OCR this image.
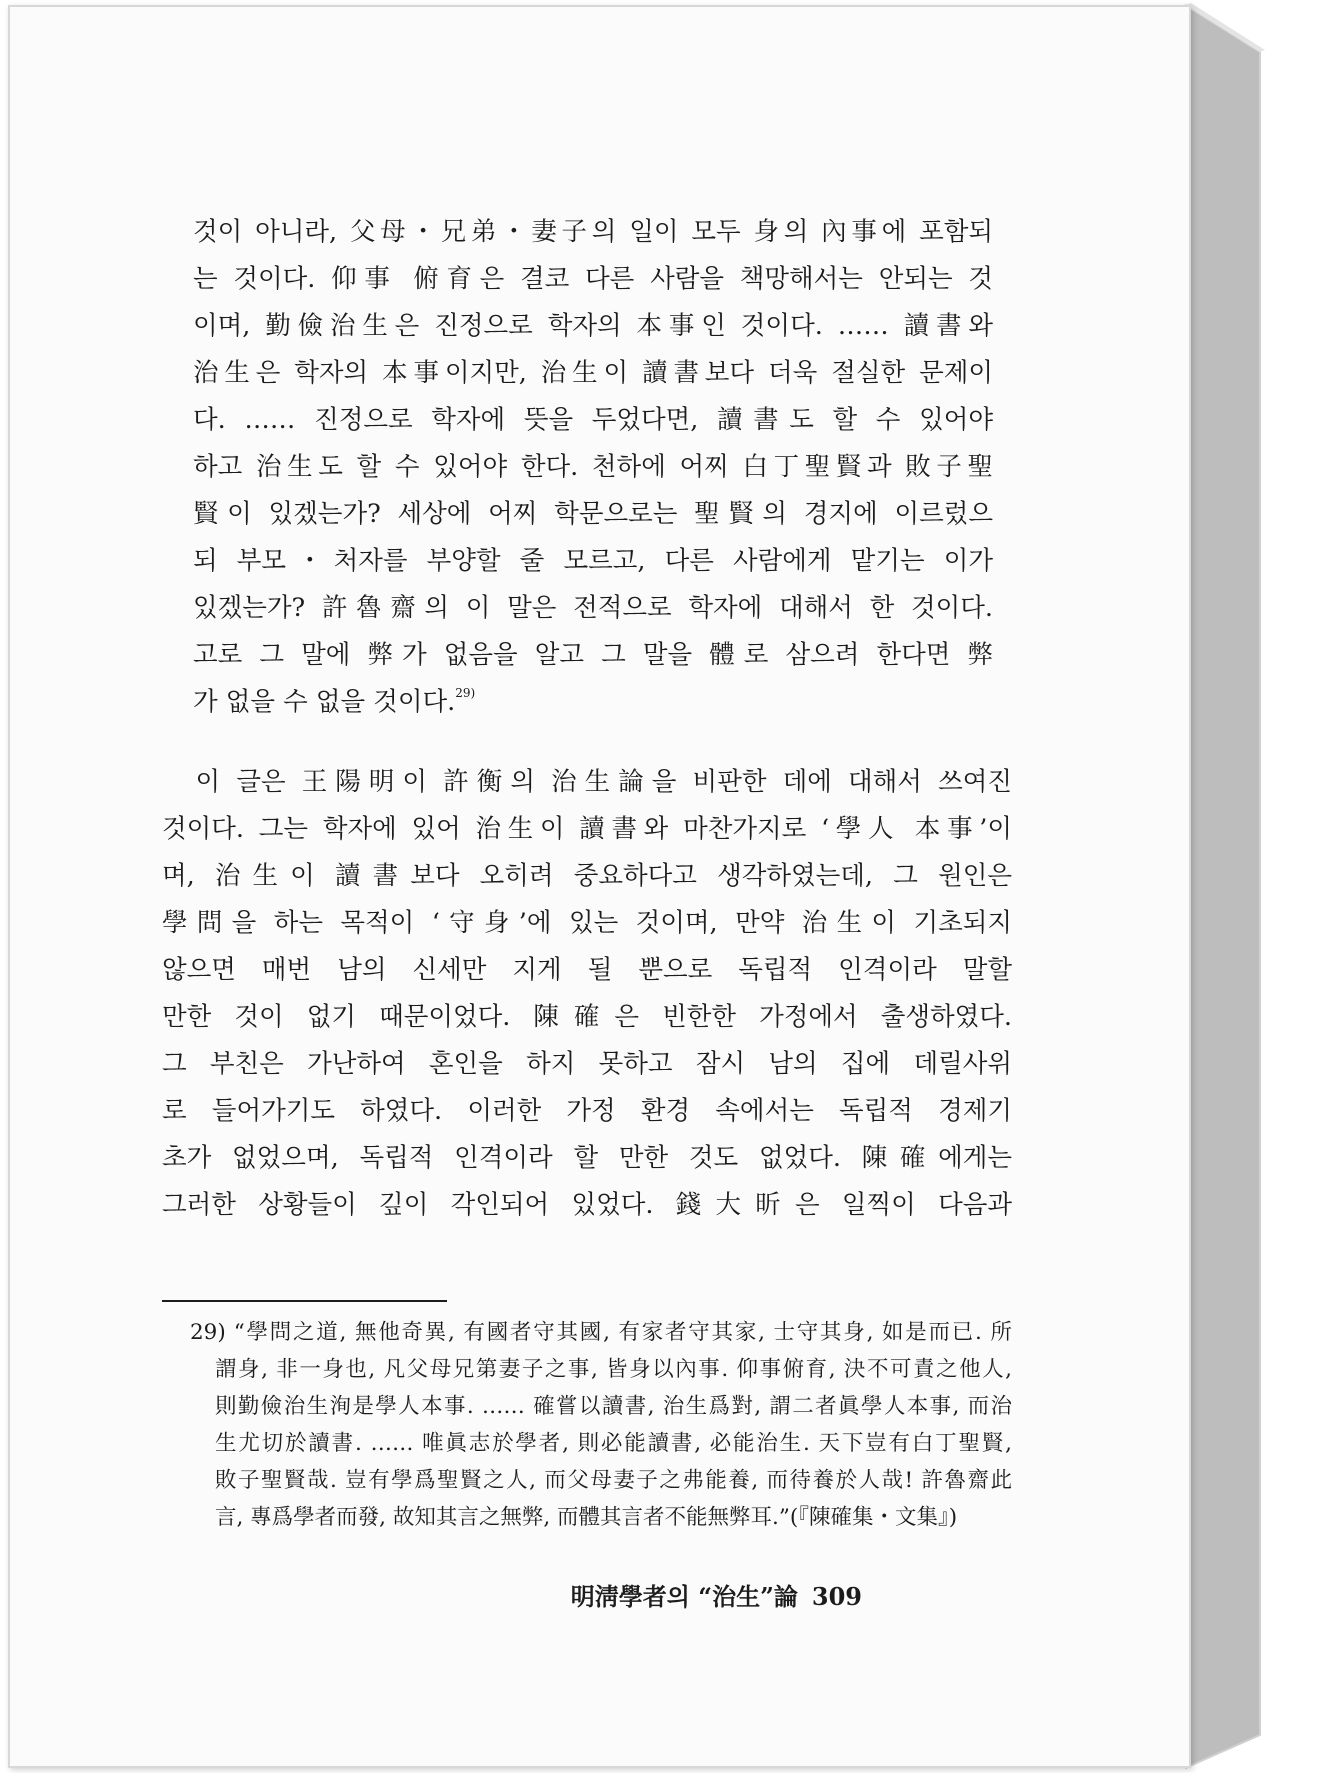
것이 아니라, 父母・兄弟・妻子의 일이 모두 身의 內事에 포함되
는 것이다. 仰事 俯育은 결코 다른 사람을 책망해서는 안되는 것
이며, 勤儉治生은 진정으로 학자의 本事인 것이다. …… 讀書와
治生은 학자의 本事이지만, 治生이 讀書보다 더욱 절실한 문제이
다. …… 진정으로 학자에 뜻을 두었다면, 讀書도 할 수 있어야
하고 治生도 할 수 있어야 한다. 천하에 어찌 白丁聖賢과 敗子聖
賢이 있겠는가? 세상에 어찌 학문으로는 聖賢의 경지에 이르렀으
되 부모・처자를 부양할 줄 모르고, 다른 사람에게 맡기는 이가
있겠는가? 許魯齋의 이 말은 전적으로 학자에 대해서 한 것이다.
고로 그 말에 弊가 없음을 알고 그 말을 體로 삼으려 한다면 弊
가 없을 수 없을 것이다.$^{29)}$
　이 글은 王陽明이 許衡의 治生論을 비판한 데에 대해서 쓰여진
것이다. 그는 학자에 있어 治生이 讀書와 마찬가지로 ‘學人 本事’이
며, 治生이 讀書보다 오히려 중요하다고 생각하였는데, 그 원인은
學問을 하는 목적이 ‘守身’에 있는 것이며, 만약 治生이 기초되지
않으면 매번 남의 신세만 지게 될 뿐으로 독립적 인격이라 말할
만한 것이 없기 때문이었다. 陳確은 빈한한 가정에서 출생하였다.
그 부친은 가난하여 혼인을 하지 못하고 잠시 남의 집에 데릴사위
로 들어가기도 하였다. 이러한 가정 환경 속에서는 독립적 경제기
초가 없었으며, 독립적 인격이라 할 만한 것도 없었다. 陳確에게는
그러한 상황들이 깊이 각인되어 있었다. 錢大昕은 일찍이 다음과
29) “學問之道, 無他奇異, 有國者守其國, 有家者守其家, 士守其身, 如是而已. 所
謂身, 非一身也, 凡父母兄第妻子之事, 皆身以內事. 仰事俯育, 決不可責之他人,
則勤儉治生洵是學人本事. …… 確嘗以讀書, 治生爲對, 謂二者眞學人本事, 而治
生尤切於讀書. …… 唯眞志於學者, 則必能讀書, 必能治生. 天下豈有白丁聖賢,
敗子聖賢哉. 豈有學爲聖賢之人, 而父母妻子之弗能養, 而待養於人哉! 許魯齋此
言, 專爲學者而發, 故知其言之無弊, 而體其言者不能無弊耳.”(『陳確集・文集』)
明淸學者의 “治生”論 309
